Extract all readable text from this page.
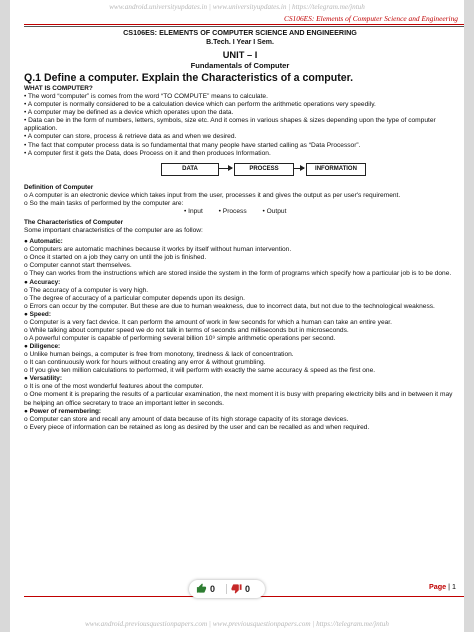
www.android.universityupdates.in | www.universityupdates.in | https://telegram.me/jntuh
CS106ES: Elements of Computer Science and Engineering
CS106ES: ELEMENTS OF COMPUTER SCIENCE AND ENGINEERING
B.Tech. I Year I Sem.
UNIT – I
Fundamentals of Computer
Q.1 Define a computer. Explain the Characteristics of a computer.
WHAT IS COMPUTER?

• The word “computer” is comes from the word “TO COMPUTE” means to calculate.

• A computer is normally considered to be a calculation device which can perform the arithmetic operations very speedily.

• A computer may be defined as a device which operates upon the data.

• Data can be in the form of numbers, letters, symbols, size etc. And it comes in various shapes & sizes depending upon the type of computer application.

• A computer can store, process & retrieve data as and when we desired.

• The fact that computer process data is so fundamental that many people have started calling as “Data Processor”.

• A computer first it gets the Data, does Process on it and then produces Information.

DATA	PROCESS	INFORMATION
Definition of Computer

o A computer is an electronic device which takes input from the user, processes it and gives the output as per user's requirement.

o So the main tasks of performed by the computer are:

• Input • Process • Output
The Characteristics of Computer

Some important characteristics of the computer are as follow:

● Automatic:

o Computers are automatic machines because it works by itself without human intervention.

o Once it started on a job they carry on until the job is finished.

o Computer cannot start themselves.

o They can works from the instructions which are stored inside the system in the form of programs which specify how a particular job is to be done.

● Accuracy:

o The accuracy of a computer is very high.

o The degree of accuracy of a particular computer depends upon its design.

o Errors can occur by the computer. But these are due to human weakness, due to incorrect data, but not due to the technological weakness.

● Speed:

o Computer is a very fact device. It can perform the amount of work in few seconds for which a human can take an entire year.

o While talking about computer speed we do not talk in terms of seconds and milliseconds but in microseconds.

o A powerful computer is capable of performing several billion 10⁹ simple arithmetic operations per second.

● Diligence:

o Unlike human beings, a computer is free from monotony, tiredness & lack of concentration.

o It can continuously work for hours without creating any error & without grumbling.

o If you give ten million calculations to performed, it will perform with exactly the same accuracy & speed as the first one.

● Versatility:

o It is one of the most wonderful features about the computer.

o One moment it is preparing the results of a particular examination, the next moment it is busy with preparing electricity bills and in between it may be helping an office secretary to trace an important letter in seconds.

● Power of remembering:

o Computer can store and recall any amount of data because of its high storage capacity of its storage devices.

o Every piece of information can be retained as long as desired by the user and can be recalled as and when required.

Page | 1
www.android.previousquestionpapers.com | www.previousquestionpapers.com | https://telegram.me/jntuh
0	0
